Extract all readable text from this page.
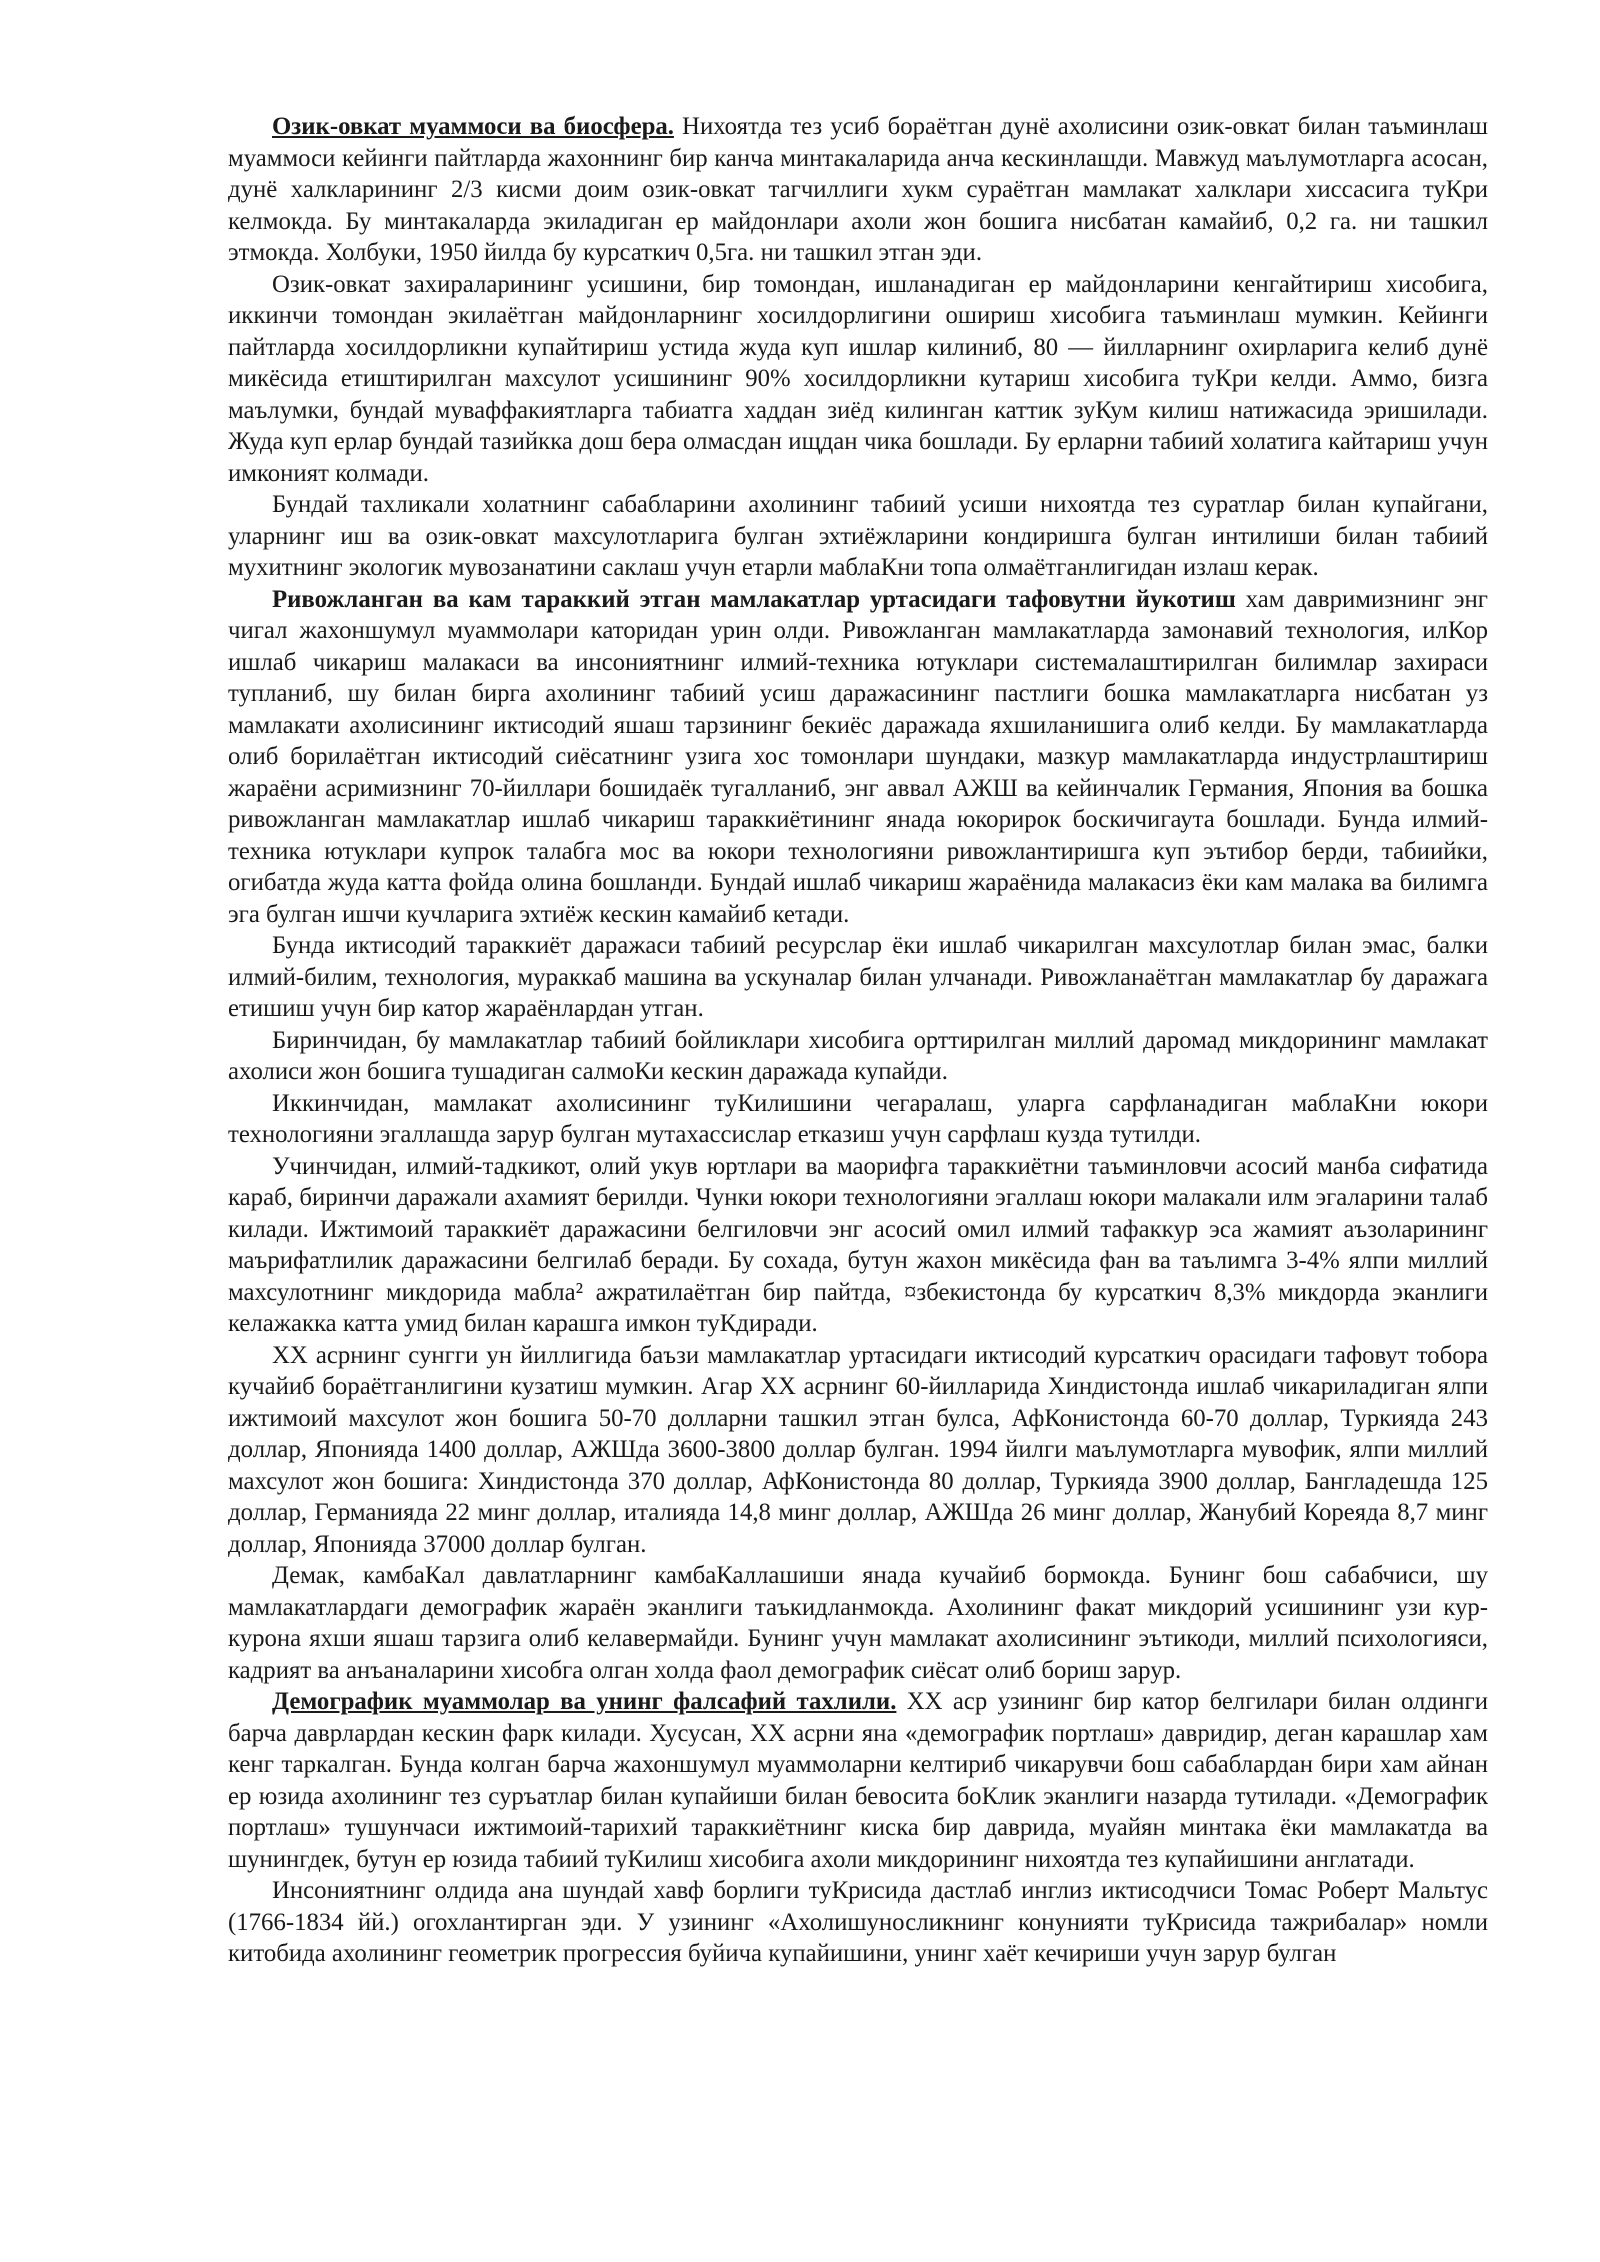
Озик-овкат муаммоси ва биосфера. Нихоятда тез усиб бораётган дунё ахолисини озик-овкат билан таъминлаш муаммоси кейинги пайтларда жахоннинг бир канча минтакаларида анча кескинлашди. Мавжуд маълумотларга асосан, дунё халкларининг 2/3 кисми доим озик-овкат тагчиллиги хукм сураётган мамлакат халклари хиссасига туКри келмокда. Бу минтакаларда экиладиган ер майдонлари ахоли жон бошига нисбатан камайиб, 0,2 га. ни ташкил этмокда. Холбуки, 1950 йилда бу курсаткич 0,5га. ни ташкил этган эди.

Озик-овкат захираларининг усишини, бир томондан, ишланадиган ер майдонларини кенгайтириш хисобига, иккинчи томондан экилаётган майдонларнинг хосилдорлигини ошириш хисобига таъминлаш мумкин. Кейинги пайтларда хосилдорликни купайтириш устида жуда куп ишлар килиниб, 80 — йилларнинг охирларига келиб дунё микёсида етиштирилган махсулот усишининг 90% хосилдорликни кутариш хисобига туКри келди. Аммо, бизга маълумки, бундай муваффакиятларга табиатга хаддан зиёд килинган каттик зуКум килиш натижасида эришилади. Жуда куп ерлар бундай тазийкка дош бера олмасдан ищдан чика бошлади. Бу ерларни табиий холатига кайтариш учун имконият колмади.

Бундай тахликали холатнинг сабабларини ахолининг табиий усиши нихоятда тез суратлар билан купайгани, уларнинг иш ва озик-овкат махсулотларига булган эхтиёжларини кондиришга булган интилиши билан табиий мухитнинг экологик мувозанатини саклаш учун етарли маблаКни топа олмаётганлигидан излаш керак.

Ривожланган ва кам тараккий этган мамлакатлар уртасидаги тафовутни йукотиш хам давримизнинг энг чигал жахоншумул муаммолари каторидан урин олди. Ривожланган мамлакатларда замонавий технология, илКор ишлаб чикариш малакаси ва инсониятнинг илмий-техника ютуклари системалаштирилган билимлар захираси тупланиб, шу билан бирга ахолининг табиий усиш даражасининг пастлиги бошка мамлакатларга нисбатан уз мамлакати ахолисининг иктисодий яшаш тарзининг бекиёс даражада яхшиланишига олиб келди. Бу мамлакатларда олиб борилаётган иктисодий сиёсатнинг узига хос томонлари шундаки, мазкур мамлакатларда индустрлаштириш жараёни асримизнинг 70-йиллари бошидаёк тугалланиб, энг аввал АЖШ ва кейинчалик Германия, Япония ва бошка ривожланган мамлакатлар ишлаб чикариш тараккиётининг янада юкорирок боскичигаута бошлади. Бунда илмий-техника ютуклари купрок талабга мос ва юкори технологияни ривожлантиришга куп эътибор берди, табиийки, огибатда жуда катта фойда олина бошланди. Бундай ишлаб чикариш жараёнида малакасиз ёки кам малака ва билимга эга булган ишчи кучларига эхтиёж кескин камайиб кетади.

Бунда иктисодий тараккиёт даражаси табиий ресурслар ёки ишлаб чикарилган махсулотлар билан эмас, балки илмий-билим, технология, мураккаб машина ва ускуналар билан улчанади. Ривожланаётган мамлакатлар бу даражага етишиш учун бир катор жараёнлардан утган.

Биринчидан, бу мамлакатлар табиий бойликлари хисобига орттирилган миллий даромад микдорининг мамлакат ахолиси жон бошига тушадиган салмоКи кескин даражада купайди.

Иккинчидан, мамлакат ахолисининг туКилишини чегаралаш, уларга сарфланадиган маблаКни юкори технологияни эгаллашда зарур булган мутахассислар етказиш учун сарфлаш кузда тутилди.

Учинчидан, илмий-тадкикот, олий укув юртлари ва маорифга тараккиётни таъминловчи асосий манба сифатида караб, биринчи даражали ахамият берилди. Чунки юкори технологияни эгаллаш юкори малакали илм эгаларини талаб килади. Ижтимоий тараккиёт даражасини белгиловчи энг асосий омил илмий тафаккур эса жамият аъзоларининг маърифатлилик даражасини белгилаб беради. Бу сохада, бутун жахон микёсида фан ва таълимга 3-4% ялпи миллий махсулотнинг микдорида мабла² ажратилаётган бир пайтда, ¤збекистонда бу курсаткич 8,3% микдорда эканлиги келажакка катта умид билан карашга имкон туКдиради.

XX асрнинг сунгги ун йиллигида баъзи мамлакатлар уртасидаги иктисодий курсаткич орасидаги тафовут тобора кучайиб бораётганлигини кузатиш мумкин. Агар XX асрнинг 60-йилларида Хиндистонда ишлаб чикариладиган ялпи ижтимоий махсулот жон бошига 50-70 долларни ташкил этган булса, АфКонистонда 60-70 доллар, Туркияда 243 доллар, Японияда 1400 доллар, АЖШда 3600-3800 доллар булган. 1994 йилги маълумотларга мувофик, ялпи миллий махсулот жон бошига: Хиндистонда 370 доллар, АфКонистонда 80 доллар, Туркияда 3900 доллар, Бангладешда 125 доллар, Германияда 22 минг доллар, италияда 14,8 минг доллар, АЖШда 26 минг доллар, Жанубий Кореяда 8,7 минг доллар, Японияда 37000 доллар булган.

Демак, камбаКал давлатларнинг камбаКаллашиши янада кучайиб бормокда. Бунинг бош сабабчиси, шу мамлакатлардаги демографик жараён эканлиги таъкидланмокда. Ахолининг факат микдорий усишининг узи кур-курона яхши яшаш тарзига олиб келавермайди. Бунинг учун мамлакат ахолисининг эътикоди, миллий психологияси, кадрият ва анъаналарини хисобга олган холда фаол демографик сиёсат олиб бориш зарур.

Демографик муаммолар ва унинг фалсафий тахлили. XX аср узининг бир катор белгилари билан олдинги барча даврлардан кескин фарк килади. Хусусан, XX асрни яна «демографик портлаш» давридир, деган карашлар хам кенг таркалган. Бунда колган барча жахоншумул муаммоларни келтириб чикарувчи бош сабаблардан бири хам айнан ер юзида ахолининг тез суръатлар билан купайиши билан бевосита боКлик эканлиги назарда тутилади. «Демографик портлаш» тушунчаси ижтимоий-тарихий тараккиётнинг киска бир даврида, муайян минтака ёки мамлакатда ва шунингдек, бутун ер юзида табиий туКилиш хисобига ахоли микдорининг нихоятда тез купайишини англатади.

Инсониятнинг олдида ана шундай хавф борлиги туКрисида дастлаб инглиз иктисодчиси Томас Роберт Мальтус (1766-1834 йй.) огохлантирган эди. У узининг «Ахолишуносликнинг конунияти туКрисида тажрибалар» номли китобида ахолининг геометрик прогрессия буйича купайишини, унинг хаёт кечириши учун зарур булган
